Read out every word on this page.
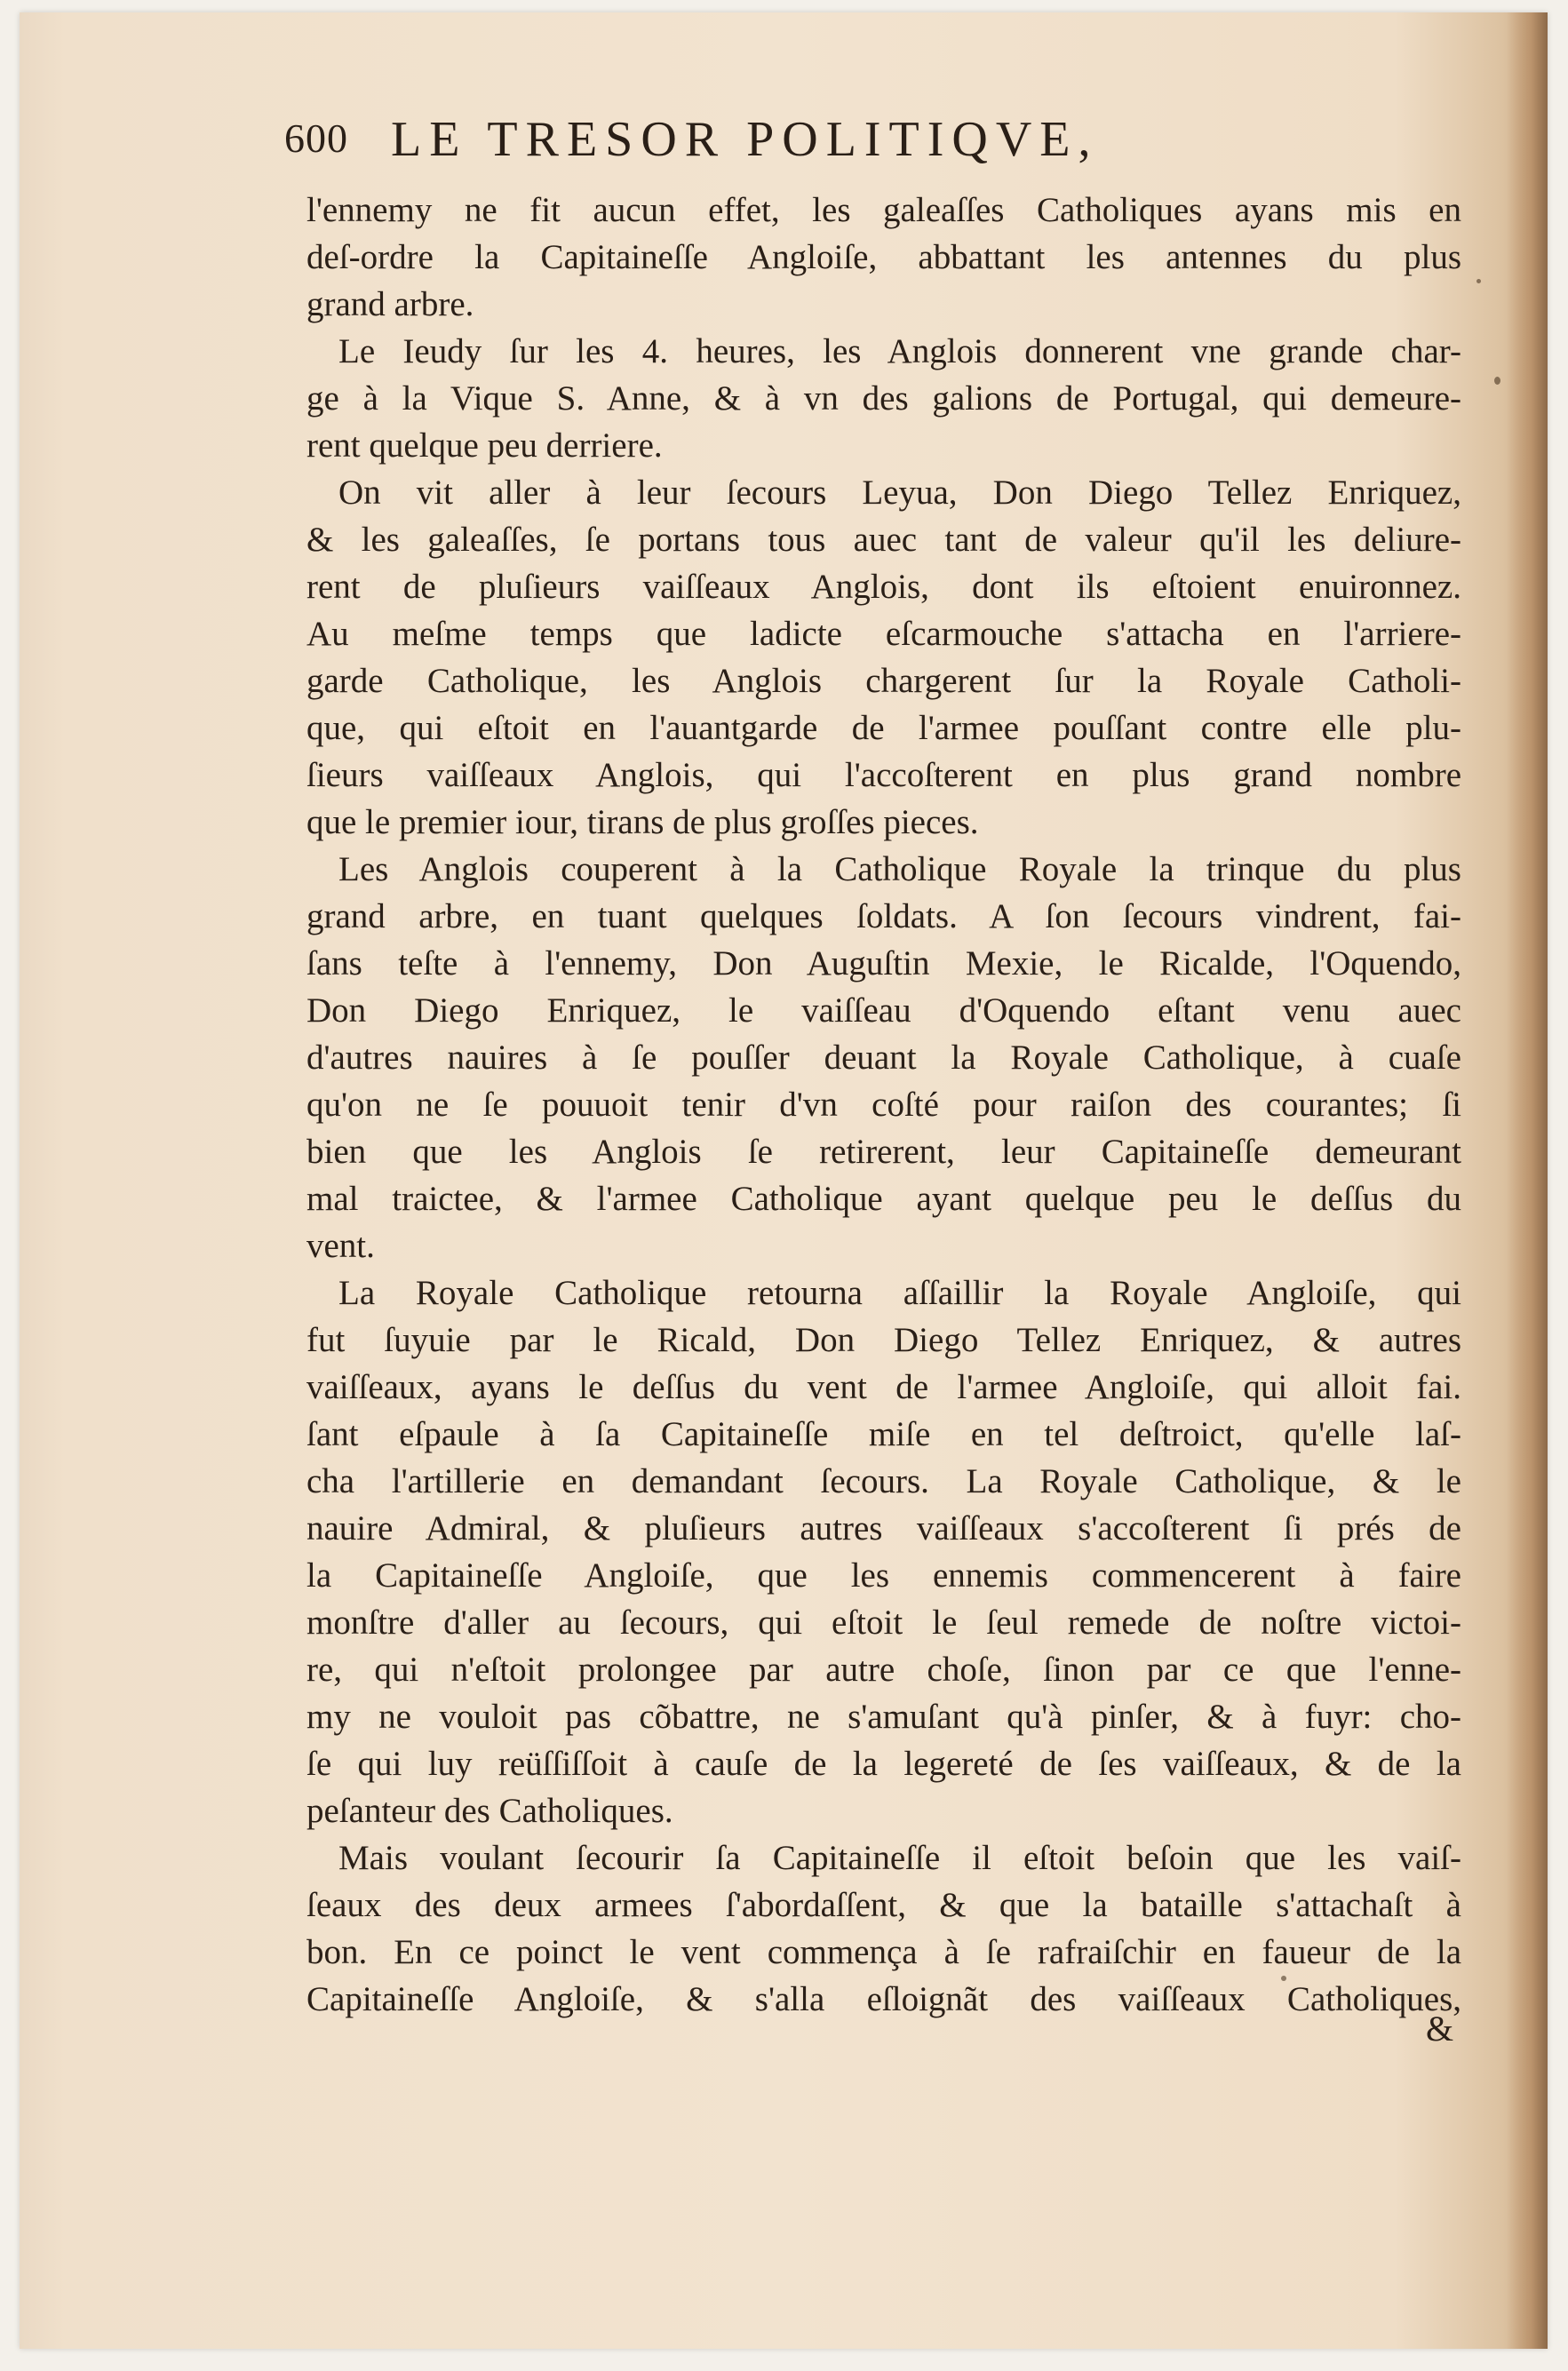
600 LE TRESOR POLITIQVE,

l'ennemy ne fit aucun effet, les galeaſſes Catholiques ayans mis en
deſ-ordre la Capitaineſſe Angloiſe, abbattant les antennes du plus
grand arbre.

Le Ieudy ſur les 4. heures, les Anglois donnerent vne grande char-
ge à la Vique S. Anne, & à vn des galions de Portugal, qui demeure-
rent quelque peu derriere.

On vit aller à leur ſecours Leyua, Don Diego Tellez Enriquez,
& les galeaſſes, ſe portans tous auec tant de valeur qu'il les deliure-
rent de pluſieurs vaiſſeaux Anglois, dont ils eſtoient enuironnez.
Au meſme temps que ladicte eſcarmouche s'attacha en l'arriere-
garde Catholique, les Anglois chargerent ſur la Royale Catholi-
que, qui eſtoit en l'auantgarde de l'armee pouſſant contre elle plu-
ſieurs vaiſſeaux Anglois, qui l'accoſterent en plus grand nombre
que le premier iour, tirans de plus groſſes pieces.

Les Anglois couperent à la Catholique Royale la trinque du plus
grand arbre, en tuant quelques ſoldats. A ſon ſecours vindrent, fai-
ſans teſte à l'ennemy, Don Auguſtin Mexie, le Ricalde, l'Oquendo,
Don Diego Enriquez, le vaiſſeau d'Oquendo eſtant venu auec
d'autres nauires à ſe pouſſer deuant la Royale Catholique, à cuaſe
qu'on ne ſe pouuoit tenir d'vn coſté pour raiſon des courantes; ſi
bien que les Anglois ſe retirerent, leur Capitaineſſe demeurant
mal traictee, & l'armee Catholique ayant quelque peu le deſſus du
vent.

La Royale Catholique retourna aſſaillir la Royale Angloiſe, qui
fut ſuyuie par le Ricald, Don Diego Tellez Enriquez, & autres
vaiſſeaux, ayans le deſſus du vent de l'armee Angloiſe, qui alloit fai.
ſant eſpaule à ſa Capitaineſſe miſe en tel deſtroict, qu'elle laſ-
cha l'artillerie en demandant ſecours. La Royale Catholique, & le
nauire Admiral, & pluſieurs autres vaiſſeaux s'accoſterent ſi prés de
la Capitaineſſe Angloiſe, que les ennemis commencerent à faire
monſtre d'aller au ſecours, qui eſtoit le ſeul remede de noſtre victoi-
re, qui n'eſtoit prolongee par autre choſe, ſinon par ce que l'enne-
my ne vouloit pas cõbattre, ne s'amuſant qu'à pinſer, & à fuyr: cho-
ſe qui luy reüſſiſſoit à cauſe de la legereté de ſes vaiſſeaux, & de la
peſanteur des Catholiques.

Mais voulant ſecourir ſa Capitaineſſe il eſtoit beſoin que les vaiſ-
ſeaux des deux armees ſ'abordaſſent, & que la bataille s'attachaſt à
bon. En ce poinct le vent commença à ſe rafraiſchir en faueur de la
Capitaineſſe Angloiſe, & s'alla eſloignãt des vaiſſeaux Catholiques,

&
